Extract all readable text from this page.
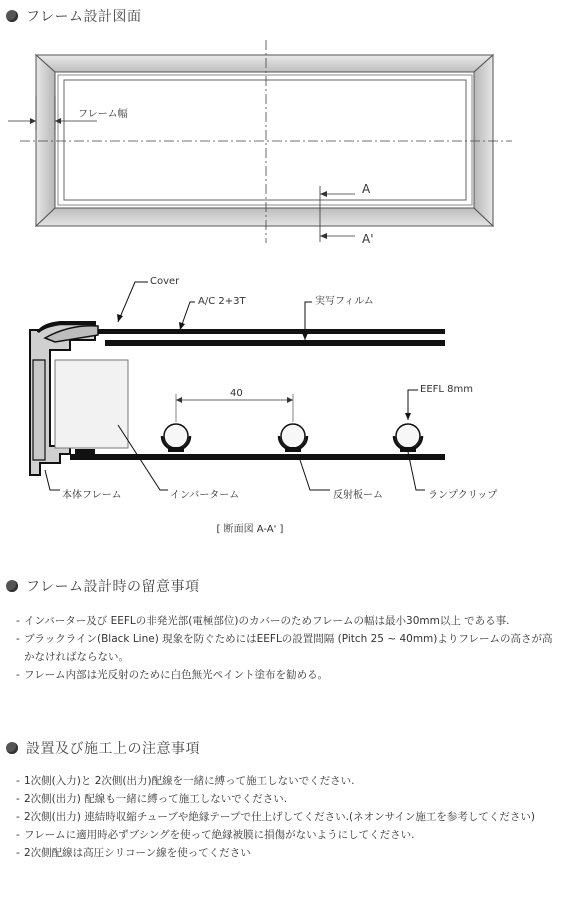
フレーム設計図面
フレーム幅
A
A'
40
Cover
A/C 2+3T	実写フィルム
EEFL 8mm
本体フレーム	インバーターム	反射板ーム	ランプクリップ
[ 断面図 A-A' ]
フレーム設計時の留意事項
- インバーター及び EEFLの非発光部(電極部位)のカバーのためフレームの幅は最小30mm以上 である事.
- ブラックライン(Black Line) 現象を防ぐためにはEEFLの設置間隔 (Pitch 25 ~ 40mm)よりフレームの高さが高かなければならない。
- フレーム内部は光反射のために白色無光ペイント塗布を勧める。
設置及び施工上の注意事項
- 1次側(入力)と 2次側(出力)配線を一緒に縛って施工しないでください.
- 2次側(出力) 配線も一緒に縛って施工しないでください.
- 2次側(出力) 連結時収縮チューブや絶縁テープで仕上げしてください.(ネオンサイン施工を参考してください)
- フレームに適用時必ずブシングを使って絶縁被膜に損傷がないようにしてください.
- 2次側配線は高圧シリコーン線を使ってください
